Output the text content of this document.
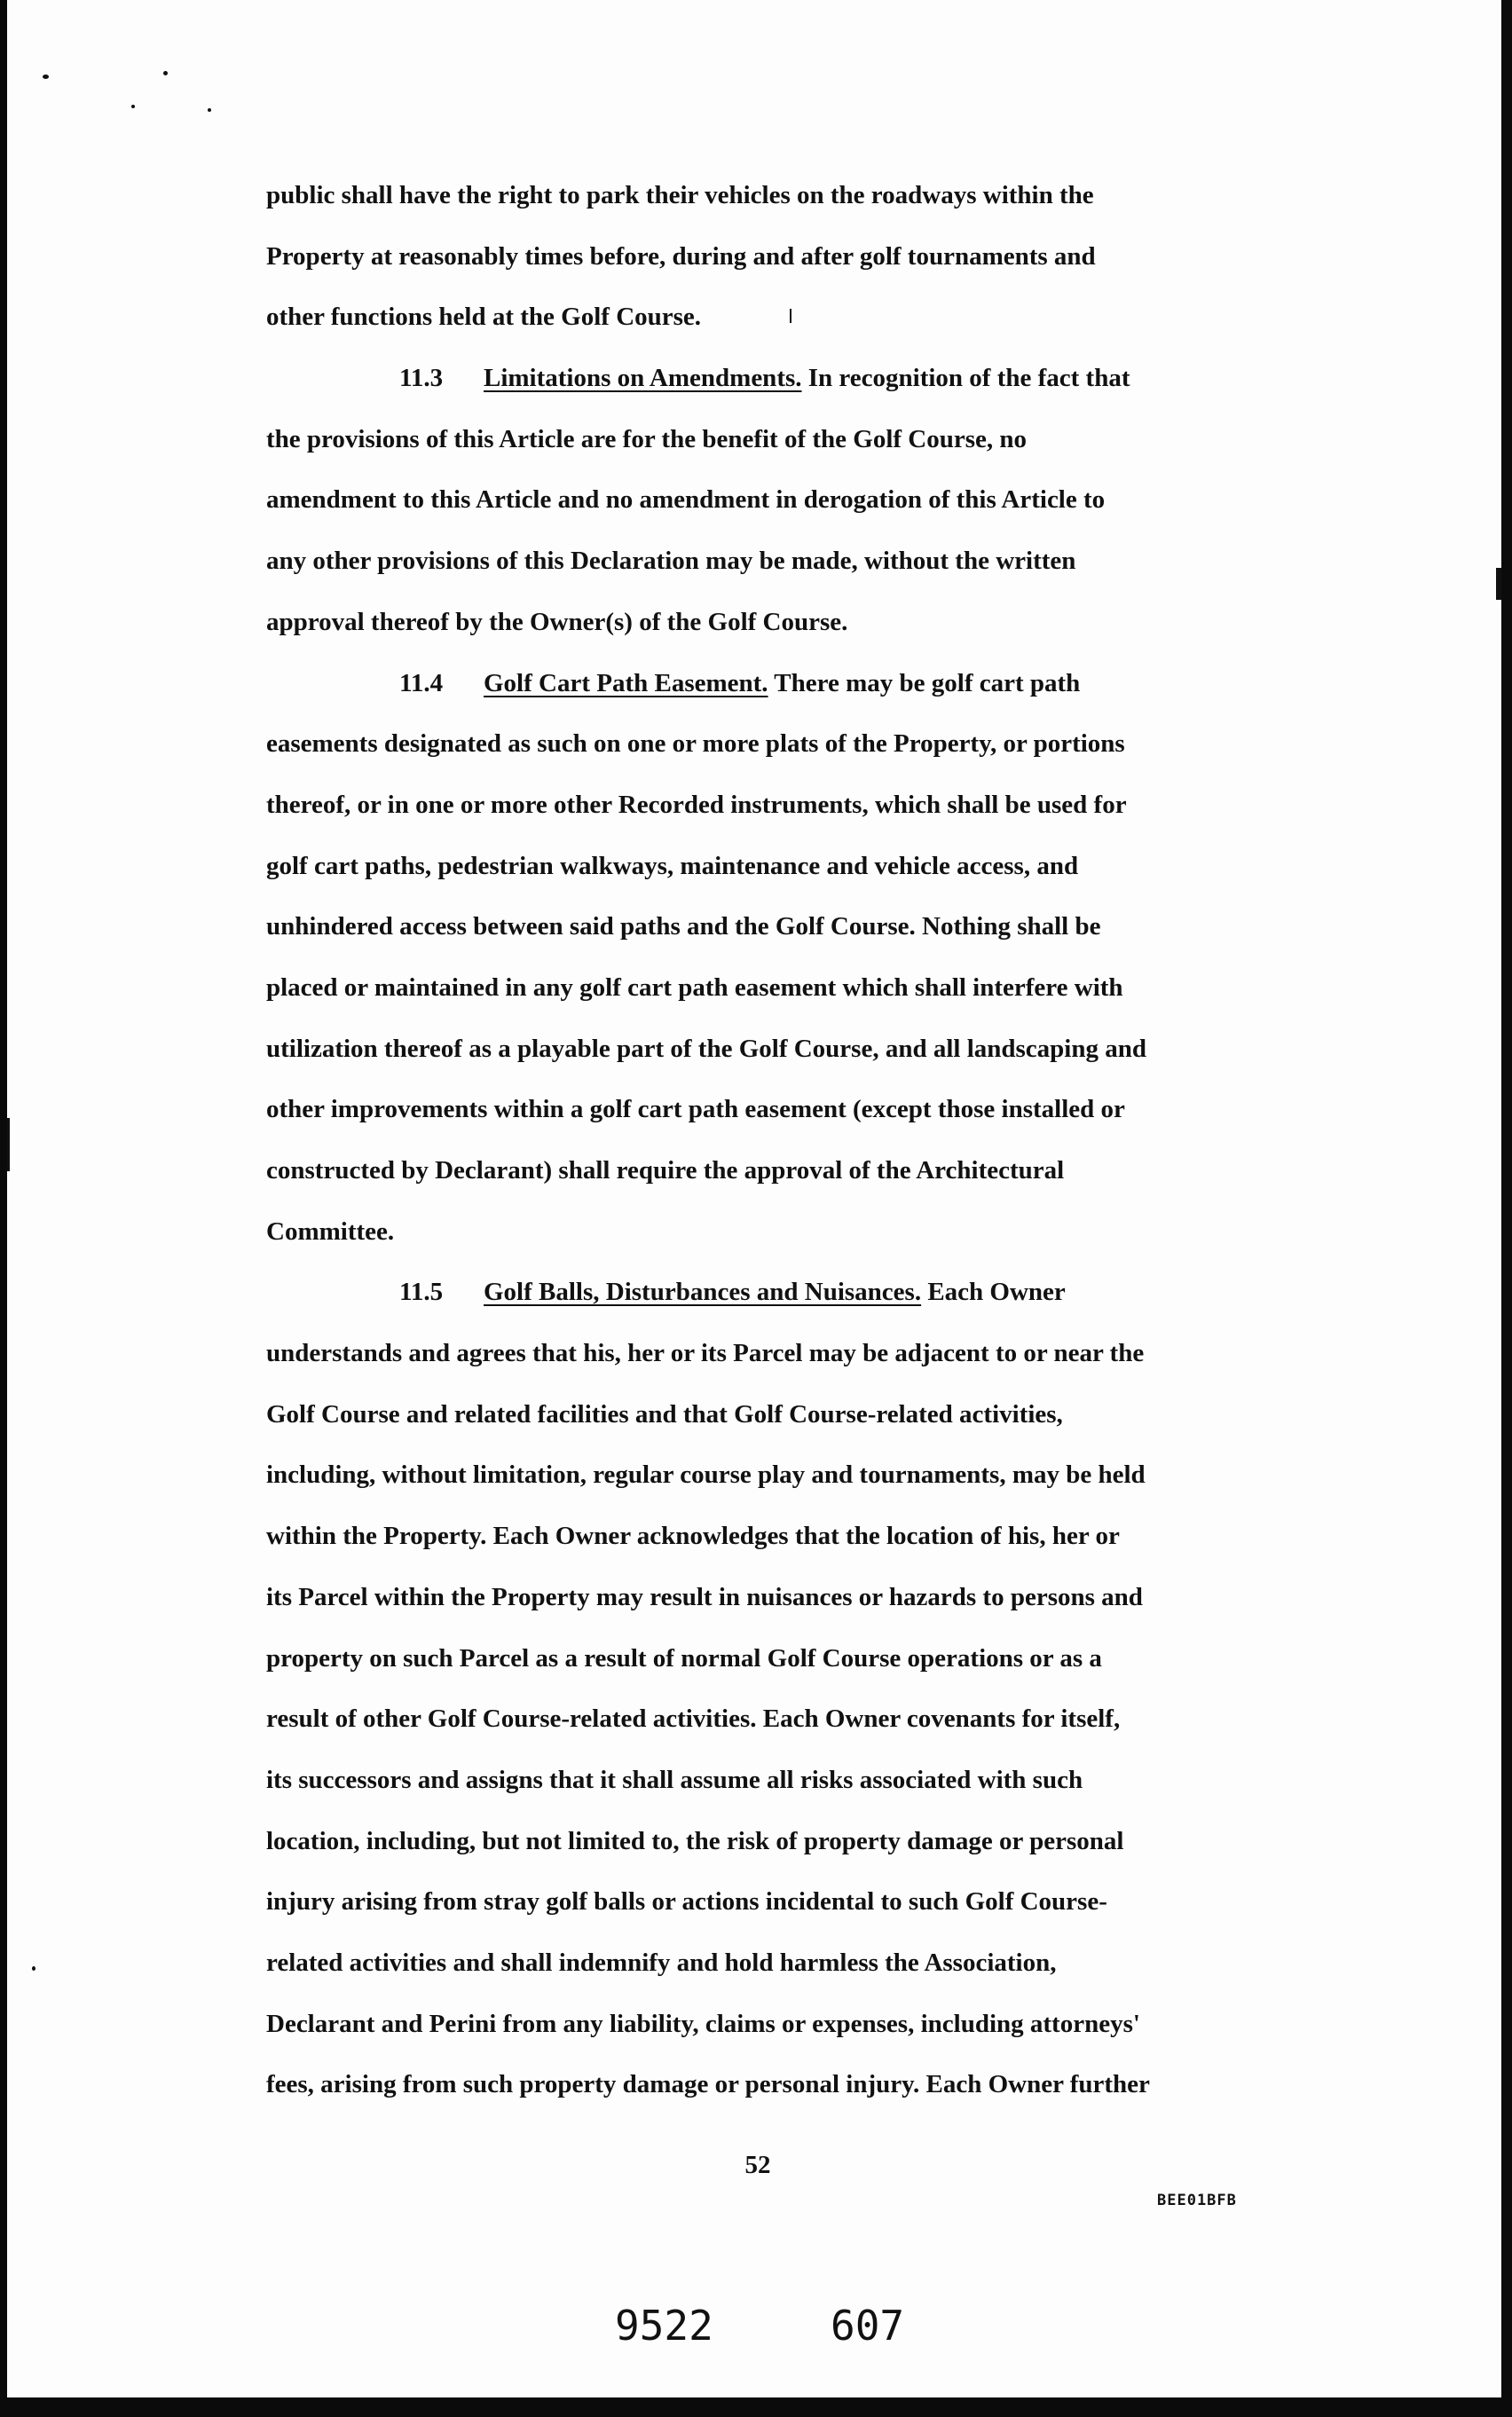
public shall have the right to park their vehicles on the roadways within the
Property at reasonably times before, during and after golf tournaments and
other functions held at the Golf Course.
11.3 Limitations on Amendments. In recognition of the fact that
the provisions of this Article are for the benefit of the Golf Course, no
amendment to this Article and no amendment in derogation of this Article to
any other provisions of this Declaration may be made, without the written
approval thereof by the Owner(s) of the Golf Course.
11.4 Golf Cart Path Easement. There may be golf cart path
easements designated as such on one or more plats of the Property, or portions
thereof, or in one or more other Recorded instruments, which shall be used for
golf cart paths, pedestrian walkways, maintenance and vehicle access, and
unhindered access between said paths and the Golf Course. Nothing shall be
placed or maintained in any golf cart path easement which shall interfere with
utilization thereof as a playable part of the Golf Course, and all landscaping and
other improvements within a golf cart path easement (except those installed or
constructed by Declarant) shall require the approval of the Architectural
Committee.
11.5 Golf Balls, Disturbances and Nuisances. Each Owner
understands and agrees that his, her or its Parcel may be adjacent to or near the
Golf Course and related facilities and that Golf Course-related activities,
including, without limitation, regular course play and tournaments, may be held
within the Property. Each Owner acknowledges that the location of his, her or
its Parcel within the Property may result in nuisances or hazards to persons and
property on such Parcel as a result of normal Golf Course operations or as a
result of other Golf Course-related activities. Each Owner covenants for itself,
its successors and assigns that it shall assume all risks associated with such
location, including, but not limited to, the risk of property damage or personal
injury arising from stray golf balls or actions incidental to such Golf Course-
related activities and shall indemnify and hold harmless the Association,
Declarant and Perini from any liability, claims or expenses, including attorneys'
fees, arising from such property damage or personal injury. Each Owner further
52
BEE01BFB
9522	607
